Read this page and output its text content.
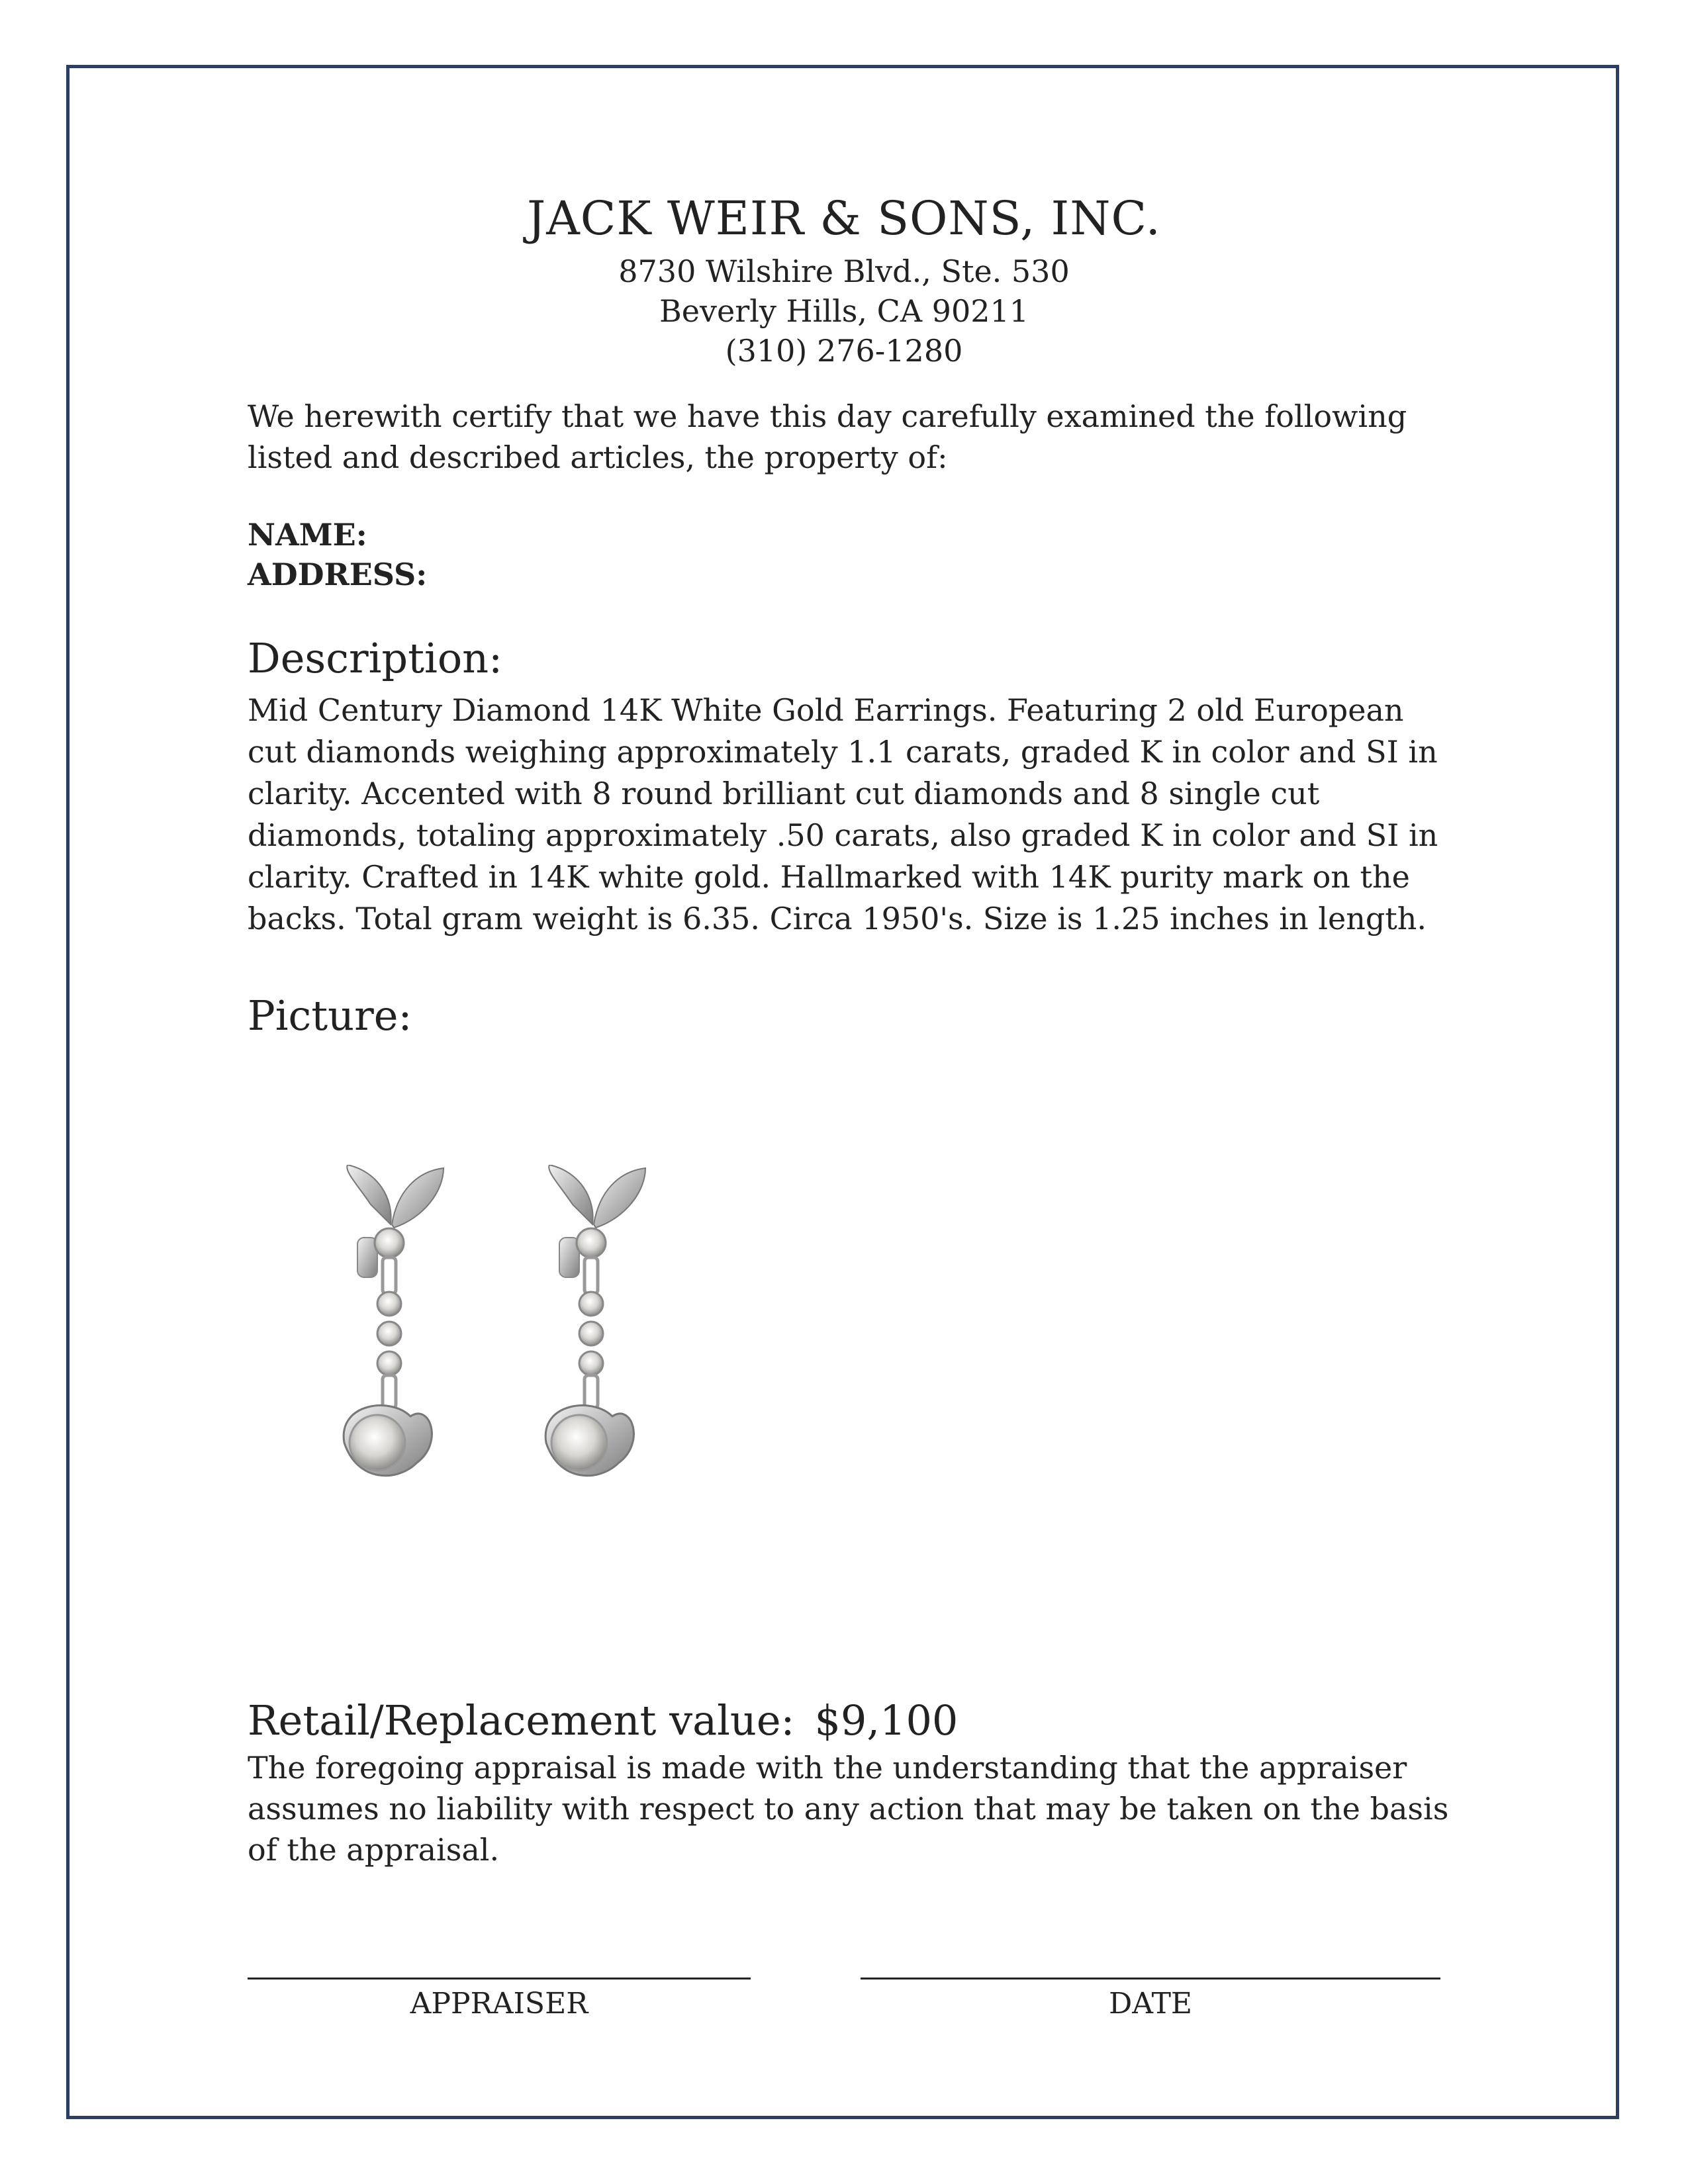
JACK WEIR & SONS, INC.
8730 Wilshire Blvd., Ste. 530
Beverly Hills, CA 90211
(310) 276-1280
We herewith certify that we have this day carefully examined the following listed and described articles, the property of:
NAME:
ADDRESS:
Description:
Mid Century Diamond 14K White Gold Earrings. Featuring 2 old European cut diamonds weighing approximately 1.1 carats, graded K in color and SI in clarity. Accented with 8 round brilliant cut diamonds and 8 single cut diamonds, totaling approximately .50 carats, also graded K in color and SI in clarity. Crafted in 14K white gold. Hallmarked with 14K purity mark on the backs. Total gram weight is 6.35. Circa 1950's. Size is 1.25 inches in length.
Picture:
Retail/Replacement value: $9,100
The foregoing appraisal is made with the understanding that the appraiser assumes no liability with respect to any action that may be taken on the basis of the appraisal.
APPRAISER	DATE
